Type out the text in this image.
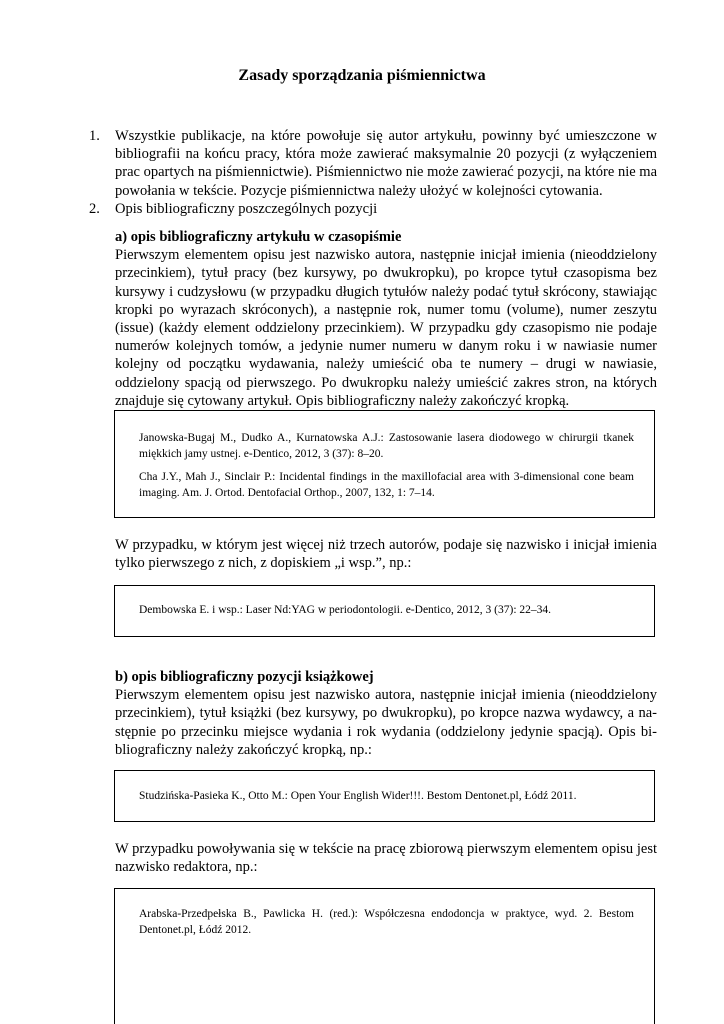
Zasady sporządzania piśmiennictwa
1. Wszystkie publikacje, na które powołuje się autor artykułu, powinny być umieszczone w bibliografii na końcu pracy, która może zawierać maksymalnie 20 pozycji (z wyłączeniem prac opartych na piśmiennictwie). Piśmiennictwo nie może zawierać pozycji, na które nie ma powołania w tekście. Pozycje piśmiennictwa należy ułożyć w kolejności cytowania.
2. Opis bibliograficzny poszczególnych pozycji
a) opis bibliograficzny artykułu w czasopiśmie
Pierwszym elementem opisu jest nazwisko autora, następnie inicjał imienia (nieoddzielony przecinkiem), tytuł pracy (bez kursywy, po dwukropku), po kropce tytuł czasopisma bez kursywy i cudzysłowu (w przypadku długich tytułów należy podać tytuł skrócony, stawiając kropki po wyrazach skróconych), a następnie rok, numer tomu (volume), numer zeszytu (issue) (każdy element oddzielony przecinkiem). W przypadku gdy czasopismo nie podaje numerów kolejnych tomów, a jedynie numer numeru w danym roku i w nawiasie numer kolejny od początku wydawania, należy umieścić oba te numery – drugi w nawiasie, oddzielony spacją od pierwszego. Po dwukropku należy umieścić zakres stron, na których znajduje się cytowany artykuł. Opis bibliograficzny należy zakończyć kropką.
Janowska-Bugaj M., Dudko A., Kurnatowska A.J.: Zastosowanie lasera diodowego w chirurgii tkanek miękkich jamy ustnej. e-Dentico, 2012, 3 (37): 8–20.
Cha J.Y., Mah J., Sinclair P.: Incidental findings in the maxillofacial area with 3-dimensional cone beam imaging. Am. J. Ortod. Dentofacial Orthop., 2007, 132, 1: 7–14.
W przypadku, w którym jest więcej niż trzech autorów, podaje się nazwisko i inicjał imienia tylko pierwszego z nich, z dopiskiem „i wsp.”, np.:
Dembowska E. i wsp.: Laser Nd:YAG w periodontologii. e-Dentico, 2012, 3 (37): 22–34.
b) opis bibliograficzny pozycji książkowej
Pierwszym elementem opisu jest nazwisko autora, następnie inicjał imienia (nieoddzielony przecinkiem), tytuł książki (bez kursywy, po dwukropku), po kropce nazwa wydawcy, a na-stępnie po przecinku miejsce wydania i rok wydania (oddzielony jedynie spacją). Opis bi-bliograficzny należy zakończyć kropką, np.:
Studzińska-Pasieka K., Otto M.: Open Your English Wider!!!. Bestom Dentonet.pl, Łódź 2011.
W przypadku powoływania się w tekście na pracę zbiorową pierwszym elementem opisu jest nazwisko redaktora, np.:
Arabska-Przedpełska B., Pawlicka H. (red.): Współczesna endodoncja w praktyce, wyd. 2. Bestom Dentonet.pl, Łódź 2012.
